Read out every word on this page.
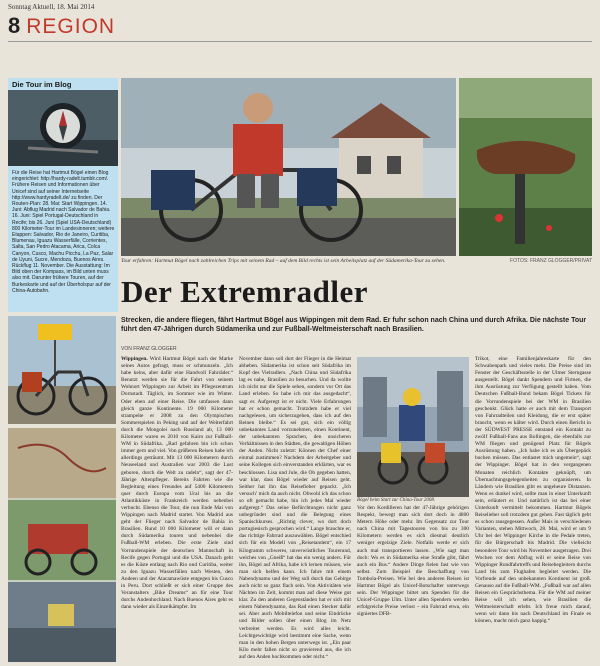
Sonntag Aktuell, 18. Mai 2014
8 REGION
Die Tour im Blog
Für die Reise hat Hartmut Bögel einen Blog eingerichtet: http://hardy-radelt.tumblr.com/. Frühere Reisen und Informationen über Unicef sind auf seiner Internetseite http://www.hardyradelt.de/ zu finden. Der Routen-Plan: 28. Mai: Start Wippingen. 14. Juni: Abflug Madrid nach Salvador de Bahia. 16. Juni: Spiel Portugal-Deutschland in Recife; bis 26. Juni (Spiel USA-Deutschland) 800 Kilometer-Tour im Landesinneren; weitere Etappen: Salvador, Rio de Janeiro, Curitiba, Blumenau, Iguazu Wasserfälle, Corrientes, Salta, San Pedro Atacama, Arica, Colca Canyon, Cusco, Machu Picchu, La Paz, Salar de Uyuni, Sucre, Mendoza, Buenos Aires. Rückflug 11. November. Die Ausstattung: Im Bild oben der Kompass, im Bild unten muss also mit. Darunter frühere Touren, auf der Burkeskarte und auf der Überholspur auf der China-Autobahn.
Tour erfahren: Hartmut Bögel nach zahlreichen Trips mit seinem Rad – auf dem Bild rechts ist sein Arbeitsplatz auf der Südamerika-Tour zu sehen.	FOTOS: FRANZ GLOGGER/PRIVAT
Der Extremradler
Strecken, die andere fliegen, fährt Hartmut Bögel aus Wippingen mit dem Rad. Er fuhr schon nach China und durch Afrika. Die nächste Tour führt den 47-Jährigen durch Südamerika und zur Fußball-Weltmeisterschaft nach Brasilien.
VON FRANZ GLOGGER
Wippingen. Wird Hartmut Bögel nach der Marke seines Autos gefragt, muss er schmunzeln. „Ich habe keins, aber dafür eine Handvoll Fahrräder.“ Benutzt werden sie für die Fahrt von seinem Wohnort Wippingen zur Arbeit im Pflegezentrum Dornstadt. Täglich, im Sommer wie im Winter. Oder eben auf einer Reise. Die umfassen dann gleich ganze Kontinente. 19 000 Kilometer strampelte er 2008 zu den Olympischen Sommerspielen in Peking und auf der Weiterfahrt durch die Mongolei nach Russland ab, 13 000 Kilometer waren es 2010 von Kairo zur Fußball-WM in Südafrika. „Rad gefahren bin ich schon immer gern und viel. Von größeren Reisen habe ich allerdings geträumt. Mit 13 000 Kilometern durch Neuseeland und Australien war 2003 die Lust geboren, durch die Welt zu radeln“, sagt der 47-Jährige Altenpfleger. Bereits Fahrten wie die Begleitung eines Freundes auf 5400 Kilometern quer durch Europa vom Ural bis an die Atlantikküste in Frankreich werden nebenbei verbucht. Ebenso die Tour, die nun Ende Mai von Wippingen nach Madrid startet. Von Madrid aus geht der Flieger nach Salvador de Bahia in Brasilien. Rund 10 000 Kilometer will er dann durch Südamerika touren und nebenbei die Fußball-WM erleben. Die erste Ziele sind Vorrundenspiele der deutschen Mannschaft in Recife gegen Portugal und die USA. Danach geht es die Küste entlang nach Rio und Curitiba, weiter zu den Iguazu Wasserfällen nach Westen, den Andeen und der Atacamawüste entgegen bis Cusco in Peru. Dort schließt er sich einer Gruppe des Veranstalters „Bike Dreams“ an für eine Tour durchs Andenhochland. Nach Buenos Aires geht es dann wieder als Einzelkämpfer. Im
November dann soll dort der Flieger in die Heimat abheben. Südamerika ist schon seit Südafrika im Kopf des Vielradlers. „Nach China und Südafrika lag es nahe, Brasilien zu besuchen. Und da wollte ich nicht nur die Spiele sehen, sondern vor Ort das Land erleben. So habe ich mir das ausgedacht“, sagt er. Aufgeregt ist er nicht. Viele Erfahrungen hat er schon gemacht. Trotzdem habe er viel nachgelesen, um sicherzugehen, dass ich auf den Beinen bleibe.“ Es sei gut, sich ein völlig unbekanntes Land vorzunehmen, einen Kontinent, der unbekannten Sprachen, den unsicheren Verhältnissen in den Städten, die gewaltigen Höhen der Anden. Nicht zuletzt: Können der Chef einer einmal zustimmen? Nachdem der Arbeitgeber und seine Kollegen sich einverstanden erklärten, war es beschlossen. Lisa und Jule, die Ob gegeben hatten, war klar, dass Bögel wieder auf Reisen geht. Seither hat ihn das Reisefieber gepackt. „Ich versuch’ mich da auch nicht. Obwohl ich das schon so oft gemacht habe, bin ich jedes Mal wieder aufgeregt.“ Das seine Befürchtungen nicht ganz unbegründet sind und die Belegung eines Spanischkurses. „Richtig clever, wo dort doch portugiesisch gesprochen wird.“ Lange brauchte er, das richtige Fahrrad auszuwählen. Bögel entschied sich für ein Modell von „Reisetandem“, ein 17 Kilogramm schweres, unverwüstliches Tourenrad, welches von „Gneiß“ hat das ein wenig anders. Für ihn, Bögel auf Afrika, habe ich lernen müssen, wie man sich helfen kann. Ich fahre mit einem Nabendynamo und der Weg soll durch das Gebirge auch nicht so ganz flach sein. Von Aktivitäten wie Nächten im Zelt, kommt man auf diese Weise gut klar. Zu den anderen Gegenständen hat er sich mit einem Nabendynamo, das Rad einen Stecker dafür sei. Aber auch Mobiltelefon und seine Eindrücke und Bilder sollen über einen Blog im Netz verbreitet werden. Es wird alles leicht. Leichtgewichtige wird bestimmt eine Sache, wenn man in den hohen Bergen unterwegs ist. „Ein paar Kilo mehr fallen nicht so gravierend aus, die ich auf den Anden hochkommen oder nicht.“
Bögel beim Start zur China-Tour 2008.
Vor den Kordilleren hat der 47-Jährige gehörigen Respekt, bewegt man sich dort doch in 4800 Metern Höhe oder mehr. Im Gegensatz zur Tour nach China mit Tagestouren von bis zu 300 Kilometern werden es sich diesmal deutlich weniger ergeizige Ziele. Notfalls werde er sich auch mal transportieren lassen. „Wie sagt man doch: Wo es in Südamerika eine Straße gibt, fährt auch ein Bus.“ Andere Dinge fielen fast wie von selbst. Zum Beispiel die Beschaffung von Tombola-Preisen. Wie bei den anderen Reisen ist Hartmut Bögel als Unicef-Botschafter unterwegs sein. Der Wippinger bittet um Spenden für die Unicef-Gruppe Ulm. Unter allen Spendern werden erfolgreiche Preise verlost – ein Fahrrad etwa, ein signiertes DFB-
Trikot, eine Familienjahreskarte für den Schwabenpark und vieles mehr. Die Preise sind im Fenster der Geschäftsstelle in der Ulmer Sterngasse ausgestellt. Bögel dankt Spendern und Firmen, die ihm Ausrüstung zur Verfügung gestellt haben. Vom Deutschen Fußball-Bund bekam Bögel Tickets für die Vorrundenspiele bei der WM in Brasilien geschenkt. Glück hatte er auch mit dem Transport von Fahrradteilen und Kleidung, die er erst später braucht, wenn es kälter wird. Durch einen Bericht in der SÜDWEST PRESSE entstand ein Kontakt zu zwölf Fußball-Fans aus Bollingen, die ebenfalls zur WM fliegen und genügend Platz für Bögels Ausrüstung haben. „Ich habe ich es als Übergepäck buchen müssen. Das entlastet mich ungemein“, sagt der Wippinger. Bögel hat in den vergangenen Monaten reichlich Kontakte geknüpft, um Übernachtungsgelegenheiten zu organisieren. In Ländern wie Brasilien gibt es ungeheure Distanzen. Wenn es dunkel wird, sollte man in einer Unterkunft sein, erläutert er. Und natürlich ist das bei einer Unterkunft vermittelt bekommen. Hartmut Bögels Reiselieber soll trotzdem gut gehen. Fast täglich geht es schon rausgegessen. Außer Mais in verschiedenen Varianten, stehen Mittwoch, 28. Mai, wird er um 9 Uhr bei der Wippinger Kirche in die Pedale treten, für die Bürgerschaft bis Madrid. Die vielleicht besondere Tour wird bis November ausgetragen. Drei Wochen vor dem Abflug will er seine Reise von Wippinger Rundfahrtreffs und Reisebegleitern durchs Land bis zum Flughafen begleitet werden. Die Vorfreude auf den unbekannten Kontinent ist groß. Genauso auf die Fußball-WM. „Fußball war auf allen Reisen ein Gesprächsthema. Für die WM auf meiner Reise will ich sehen, wie Brasilien die Weltmeisterschaft erlebt. Ich freue mich darauf, wenn wir dann bis nach Deutschland im Finale es können, macht mich ganz happig.“
